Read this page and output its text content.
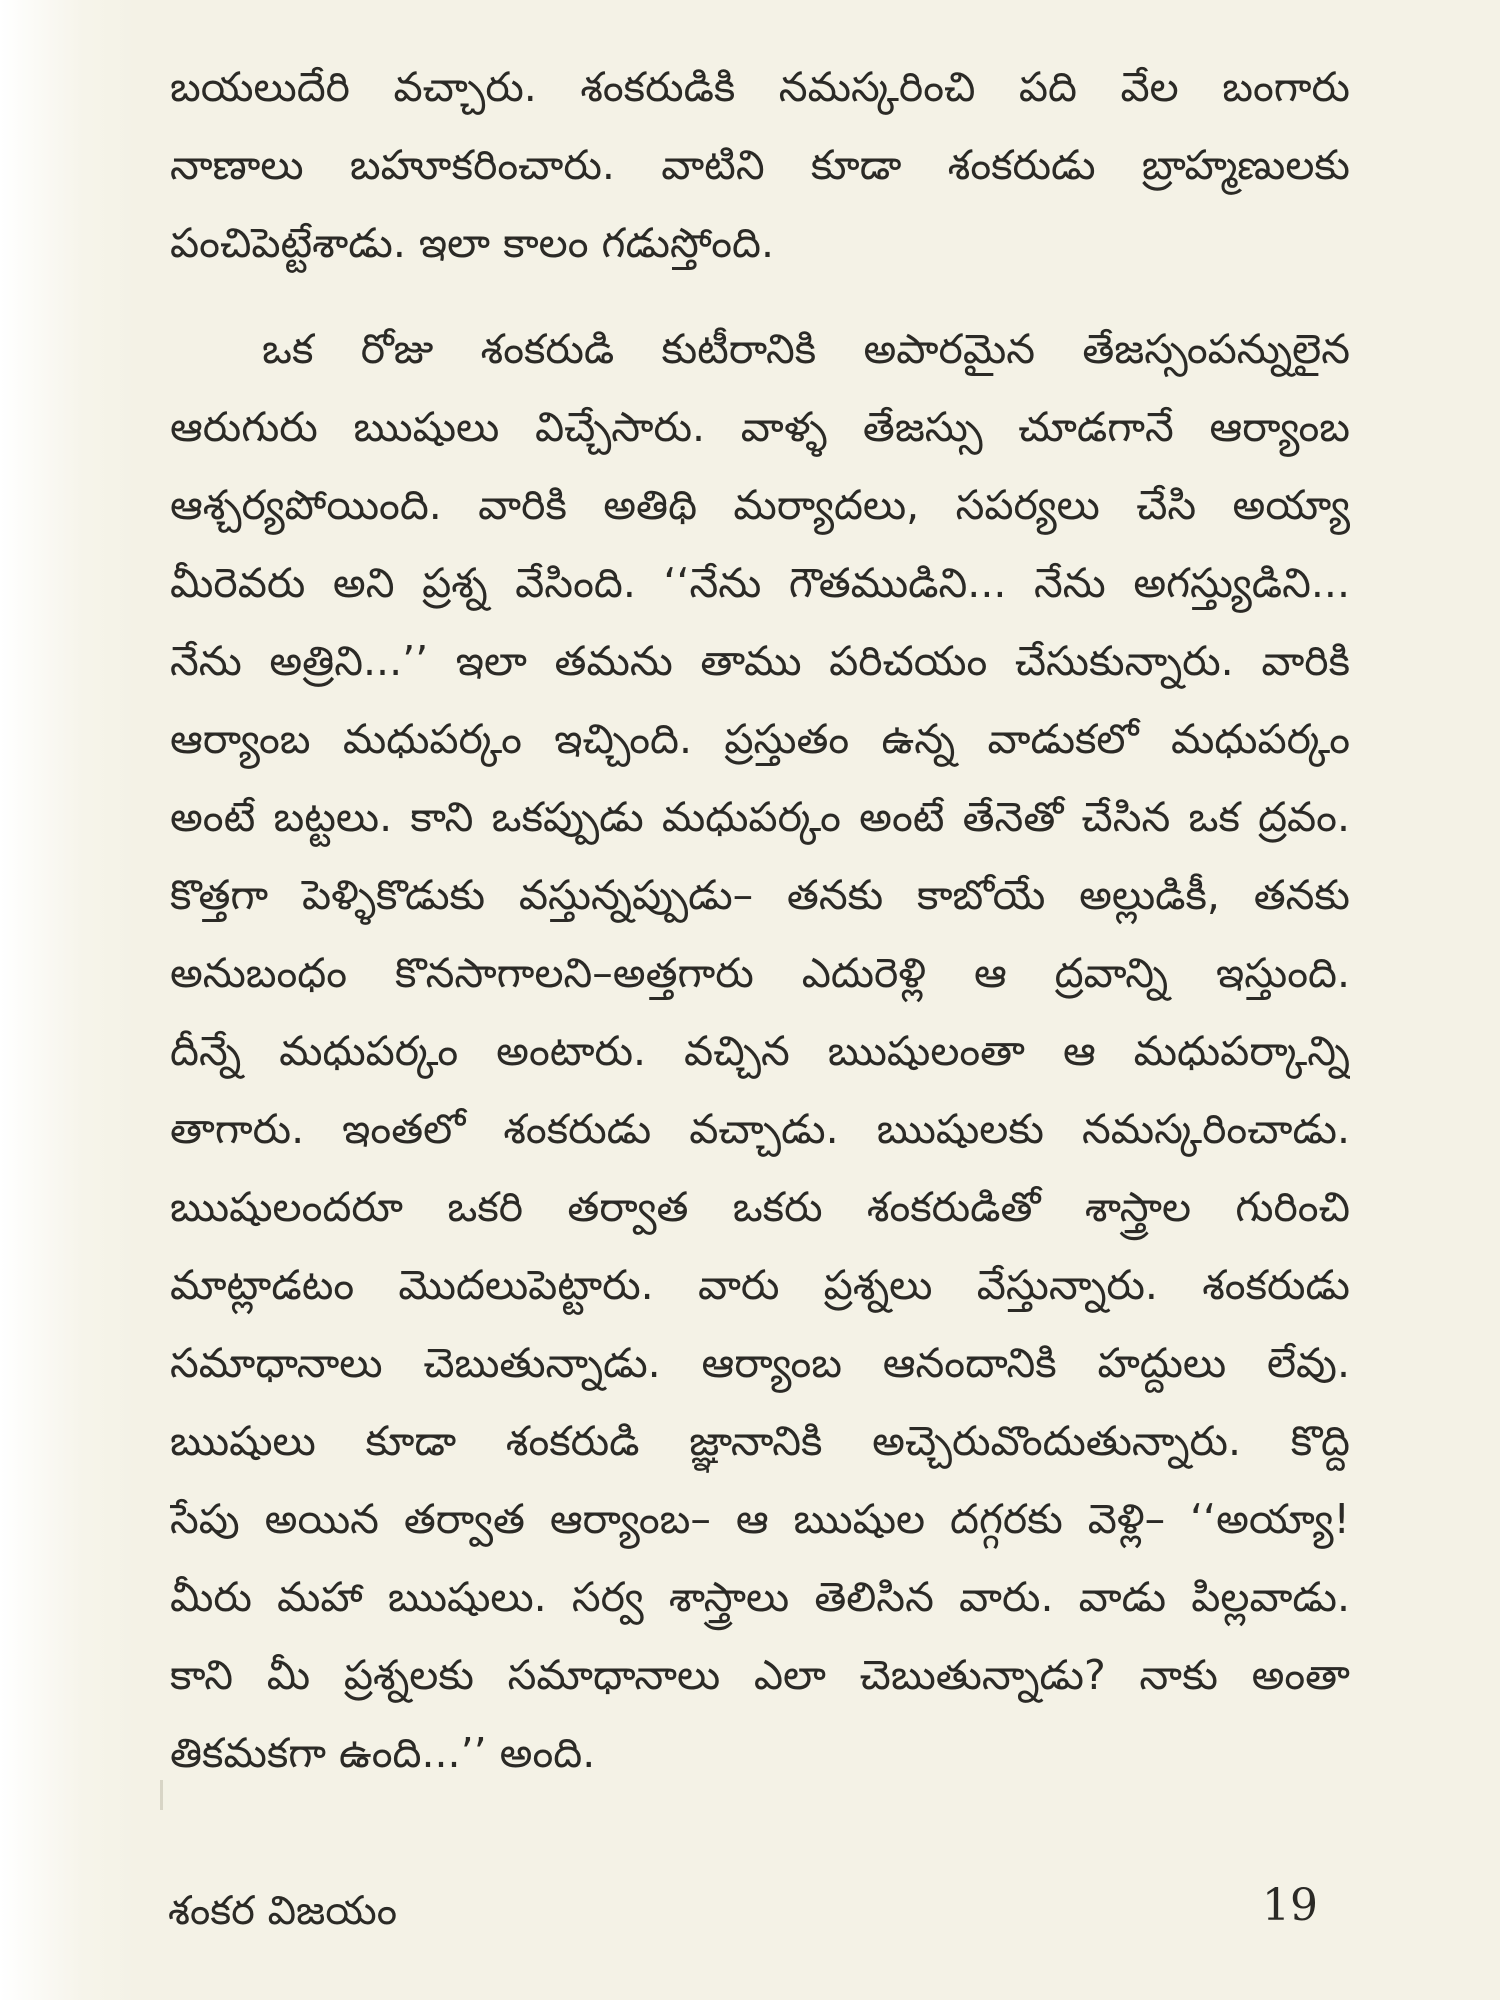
బయలుదేరి వచ్చారు. శంకరుడికి నమస్కరించి పది వేల బంగారు
నాణాలు బహూకరించారు. వాటిని కూడా శంకరుడు బ్రాహ్మణులకు
పంచిపెట్టేశాడు. ఇలా కాలం గడుస్తోంది.
ఒక రోజు శంకరుడి కుటీరానికి అపారమైన తేజస్సంపన్నులైన
ఆరుగురు ఋషులు విచ్చేసారు. వాళ్ళ తేజస్సు చూడగానే ఆర్యాంబ
ఆశ్చర్యపోయింది. వారికి అతిథి మర్యాదలు, సపర్యలు చేసి అయ్యా
మీరెవరు అని ప్రశ్న వేసింది. ‘‘నేను గౌతముడిని... నేను అగస్త్యుడిని...
నేను అత్రిని...’’ ఇలా తమను తాము పరిచయం చేసుకున్నారు. వారికి
ఆర్యాంబ మధుపర్కం ఇచ్చింది. ప్రస్తుతం ఉన్న వాడుకలో మధుపర్కం
అంటే బట్టలు. కాని ఒకప్పుడు మధుపర్కం అంటే తేనెతో చేసిన ఒక ద్రవం.
కొత్తగా పెళ్ళికొడుకు వస్తున్నప్పుడు– తనకు కాబోయే అల్లుడికీ, తనకు
అనుబంధం కొనసాగాలని–అత్తగారు ఎదురెళ్లి ఆ ద్రవాన్ని ఇస్తుంది.
దీన్నే మధుపర్కం అంటారు. వచ్చిన ఋషులంతా ఆ మధుపర్కాన్ని
తాగారు. ఇంతలో శంకరుడు వచ్చాడు. ఋషులకు నమస్కరించాడు.
ఋషులందరూ ఒకరి తర్వాత ఒకరు శంకరుడితో శాస్త్రాల గురించి
మాట్లాడటం మొదలుపెట్టారు. వారు ప్రశ్నలు వేస్తున్నారు. శంకరుడు
సమాధానాలు చెబుతున్నాడు. ఆర్యాంబ ఆనందానికి హద్దులు లేవు.
ఋషులు కూడా శంకరుడి జ్ఞానానికి అచ్చెరువొందుతున్నారు. కొద్ది
సేపు అయిన తర్వాత ఆర్యాంబ– ఆ ఋషుల దగ్గరకు వెళ్లి– ‘‘అయ్యా!
మీరు మహా ఋషులు. సర్వ శాస్త్రాలు తెలిసిన వారు. వాడు పిల్లవాడు.
కాని మీ ప్రశ్నలకు సమాధానాలు ఎలా చెబుతున్నాడు? నాకు అంతా
తికమకగా ఉంది...’’ అంది.
శంకర విజయం	19
